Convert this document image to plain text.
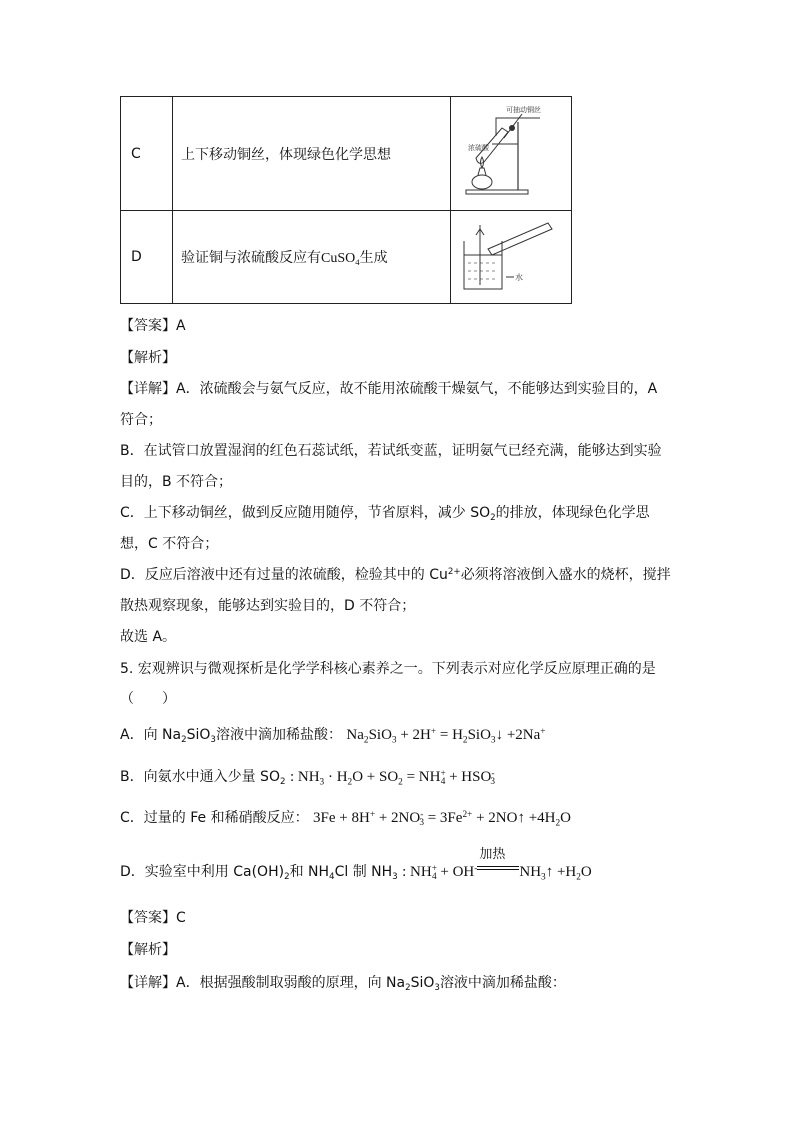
C	上下移动铜丝，体现绿色化学思想	浓硫酸
可抽动铜丝

D	验证铜与浓硫酸反应有CuSO$_4$生成	水
【答案】A
【解析】
【详解】A．浓硫酸会与氨气反应，故不能用浓硫酸干燥氨气，不能够达到实验目的，A
符合；
B．在试管口放置湿润的红色石蕊试纸，若试纸变蓝，证明氨气已经充满，能够达到实验
目的，B 不符合；
C．上下移动铜丝，做到反应随用随停，节省原料，减少 $SO_2$的排放，体现绿色化学思
想，C 不符合；
D．反应后溶液中还有过量的浓硫酸，检验其中的 $Cu^{2+}$必须将溶液倒入盛水的烧杯，搅拌
散热观察现象，能够达到实验目的，D 不符合；
故选 A。
5. 宏观辨识与微观探析是化学学科核心素养之一。下列表示对应化学反应原理正确的是
（　　）
A．向 $Na_2SiO_3$溶液中滴加稀盐酸： $Na_2SiO_3 + 2H^+$ = $H_2SiO_3↓ +2Na^+$
B．向氨水中通入少量 $SO_2$ : $NH_3 \cdot H_2O + SO_2 = NH^+_4 + HSO^-_3$
C．过量的 Fe 和稀硝酸反应： $3Fe + 8H^+ + 2NO^-_3 = 3Fe^{2+}$ + 2NO↑ $+4H_2O$
D．实验室中利用 $Ca(OH)_2$和 $NH_4Cl$ 制 $NH_3$ : $NH^+_4 + OH^-$
加热
$NH_3↑ +H_2O$
【答案】C
【解析】
【详解】A．根据强酸制取弱酸的原理，向 $Na_2SiO_3$溶液中滴加稀盐酸：
